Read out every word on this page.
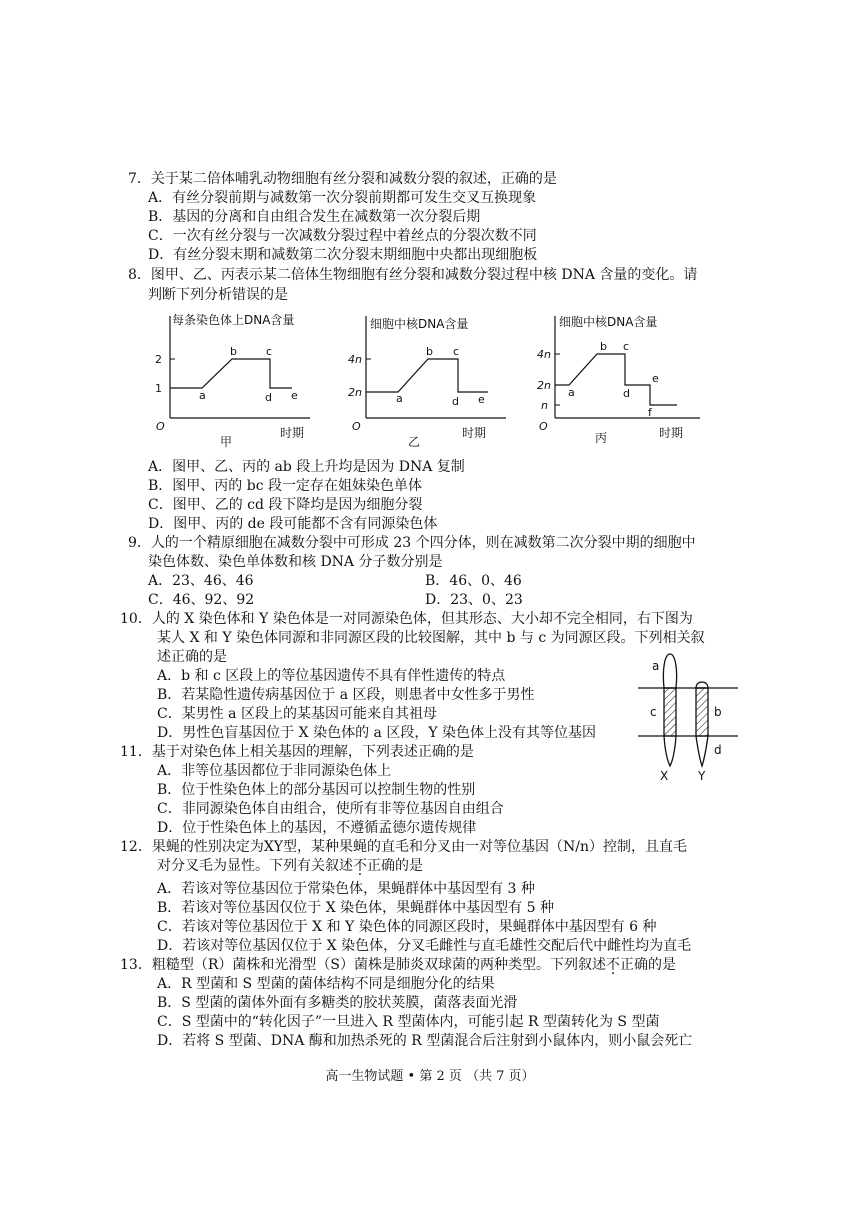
7．关于某二倍体哺乳动物细胞有丝分裂和减数分裂的叙述，正确的是
A．有丝分裂前期与减数第一次分裂前期都可发生交叉互换现象
B．基因的分离和自由组合发生在减数第一次分裂后期
C．一次有丝分裂与一次减数分裂过程中着丝点的分裂次数不同
D．有丝分裂末期和减数第二次分裂末期细胞中央都出现细胞板
8．图甲、乙、丙表示某二倍体生物细胞有丝分裂和减数分裂过程中核 DNA 含量的变化。请
判断下列分析错误的是
每条染色体上DNA含量
2
1
a
b	c
d e
O	时期
甲
细胞中核DNA含量
4n
2n	a
b c
d e
O	时期
乙
细胞中核DNA含量
4n
2n
n
a
b c
d
e
f
O	时期
丙
A．图甲、乙、丙的 ab 段上升均是因为 DNA 复制
B．图甲、丙的 bc 段一定存在姐妹染色单体
C．图甲、乙的 cd 段下降均是因为细胞分裂
D．图甲、丙的 de 段可能都不含有同源染色体
9．人的一个精原细胞在减数分裂中可形成 23 个四分体，则在减数第二次分裂中期的细胞中
染色体数、染色单体数和核 DNA 分子数分别是
A．23、46、46	B．46、0、46
C．46、92、92	D．23、0、23
10．人的 X 染色体和 Y 染色体是一对同源染色体，但其形态、大小却不完全相同，右下图为
某人 X 和 Y 染色体同源和非同源区段的比较图解，其中 b 与 c 为同源区段。下列相关叙
述正确的是
A．b 和 c 区段上的等位基因遗传不具有伴性遗传的特点
B．若某隐性遗传病基因位于 a 区段，则患者中女性多于男性
C．某男性 a 区段上的某基因可能来自其祖母
D．男性色盲基因位于 X 染色体的 a 区段，Y 染色体上没有其等位基因
a
c	b
d
X Y
11．基于对染色体上相关基因的理解，下列表述正确的是
A．非等位基因都位于非同源染色体上
B．位于性染色体上的部分基因可以控制生物的性别
C．非同源染色体自由组合，使所有非等位基因自由组合
D．位于性染色体上的基因，不遵循孟德尔遗传规律
12．果蝇的性别决定为XY型，某种果蝇的直毛和分叉由一对等位基因（N/n）控制，且直毛
对分叉毛为显性。下列有关叙述不正确的是
A．若该对等位基因位于常染色体，果蝇群体中基因型有 3 种
B．若该对等位基因仅位于 X 染色体，果蝇群体中基因型有 5 种
C．若该对等位基因位于 X 和 Y 染色体的同源区段时，果蝇群体中基因型有 6 种
D．若该对等位基因仅位于 X 染色体，分叉毛雌性与直毛雄性交配后代中雌性均为直毛
13．粗糙型（R）菌株和光滑型（S）菌株是肺炎双球菌的两种类型。下列叙述不正确的是
A．R 型菌和 S 型菌的菌体结构不同是细胞分化的结果
B．S 型菌的菌体外面有多糖类的胶状荚膜，菌落表面光滑
C．S 型菌中的“转化因子”一旦进入 R 型菌体内，可能引起 R 型菌转化为 S 型菌
D．若将 S 型菌、DNA 酶和加热杀死的 R 型菌混合后注射到小鼠体内，则小鼠会死亡
高一生物试题 • 第 2 页 （共 7 页）
